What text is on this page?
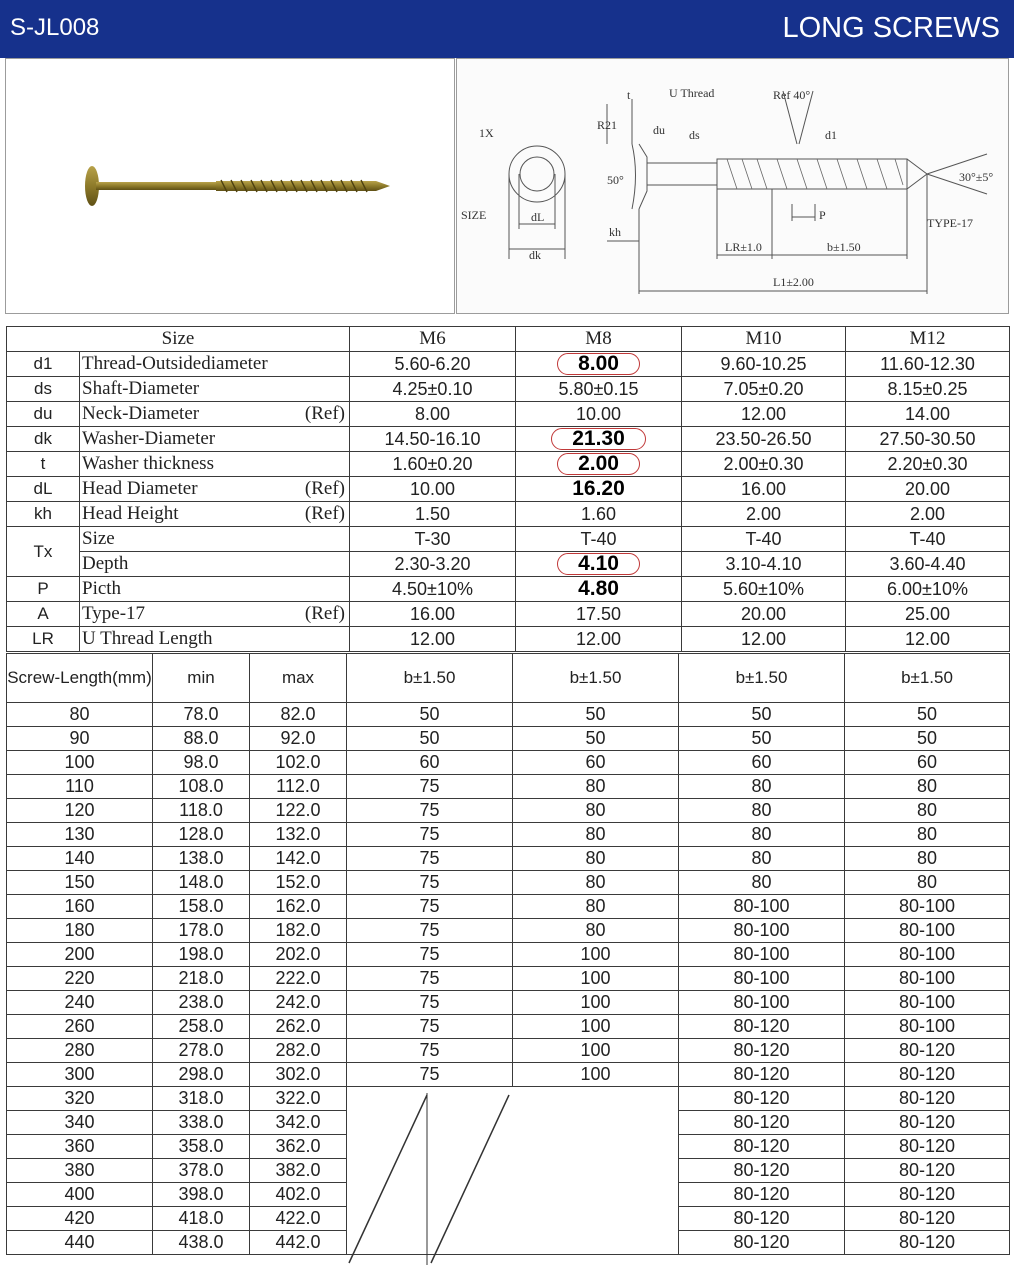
S-JL008	LONG SCREWS
t	U Thread	Ref 40°
R21	du ds	d1
1X
50°
SIZE	dL
dk
kh
LR±1.0
P
b±1.50
TYPE-17
30°±5°
L1±2.00
Size		M6	M8	M10	M12
d1	Thread-Outsidediameter	5.60-6.20	8.00	9.60-10.25	11.60-12.30
ds	Shaft-Diameter	4.25±0.10	5.80±0.15	7.05±0.20	8.15±0.25
du	Neck-Diameter (Ref)	8.00	10.00	12.00	14.00
dk	Washer-Diameter	14.50-16.10	21.30	23.50-26.50	27.50-30.50
t	Washer thickness	1.60±0.20	2.00	2.00±0.30	2.20±0.30
dL	Head Diameter (Ref)	10.00	16.20	16.00	20.00
kh	Head Height (Ref)	1.50	1.60	2.00	2.00
Tx	Size	T-30	T-40	T-40	T-40
	Depth	2.30-3.20	4.10	3.10-4.10	3.60-4.40
P	Picth	4.50±10%	4.80	5.60±10%	6.00±10%
A	Type-17 (Ref)	16.00	17.50	20.00	25.00
LR	U Thread Length	12.00	12.00	12.00	12.00
Screw-Length(mm)	min	max	b±1.50	b±1.50	b±1.50	b±1.50
80	78.0	82.0	50	50	50	50
90	88.0	92.0	50	50	50	50
100	98.0	102.0	60	60	60	60
110	108.0	112.0	75	80	80	80
120	118.0	122.0	75	80	80	80
130	128.0	132.0	75	80	80	80
140	138.0	142.0	75	80	80	80
150	148.0	152.0	75	80	80	80
160	158.0	162.0	75	80	80-100	80-100
180	178.0	182.0	75	80	80-100	80-100
200	198.0	202.0	75	100	80-100	80-100
220	218.0	222.0	75	100	80-100	80-100
240	238.0	242.0	75	100	80-100	80-100
260	258.0	262.0	75	100	80-120	80-100
280	278.0	282.0	75	100	80-120	80-120
300	298.0	302.0	75	100	80-120	80-120
320	318.0	322.0			80-120	80-120
340	338.0	342.0			80-120	80-120
360	358.0	362.0			80-120	80-120
380	378.0	382.0			80-120	80-120
400	398.0	402.0			80-120	80-120
420	418.0	422.0			80-120	80-120
440	438.0	442.0			80-120	80-120
